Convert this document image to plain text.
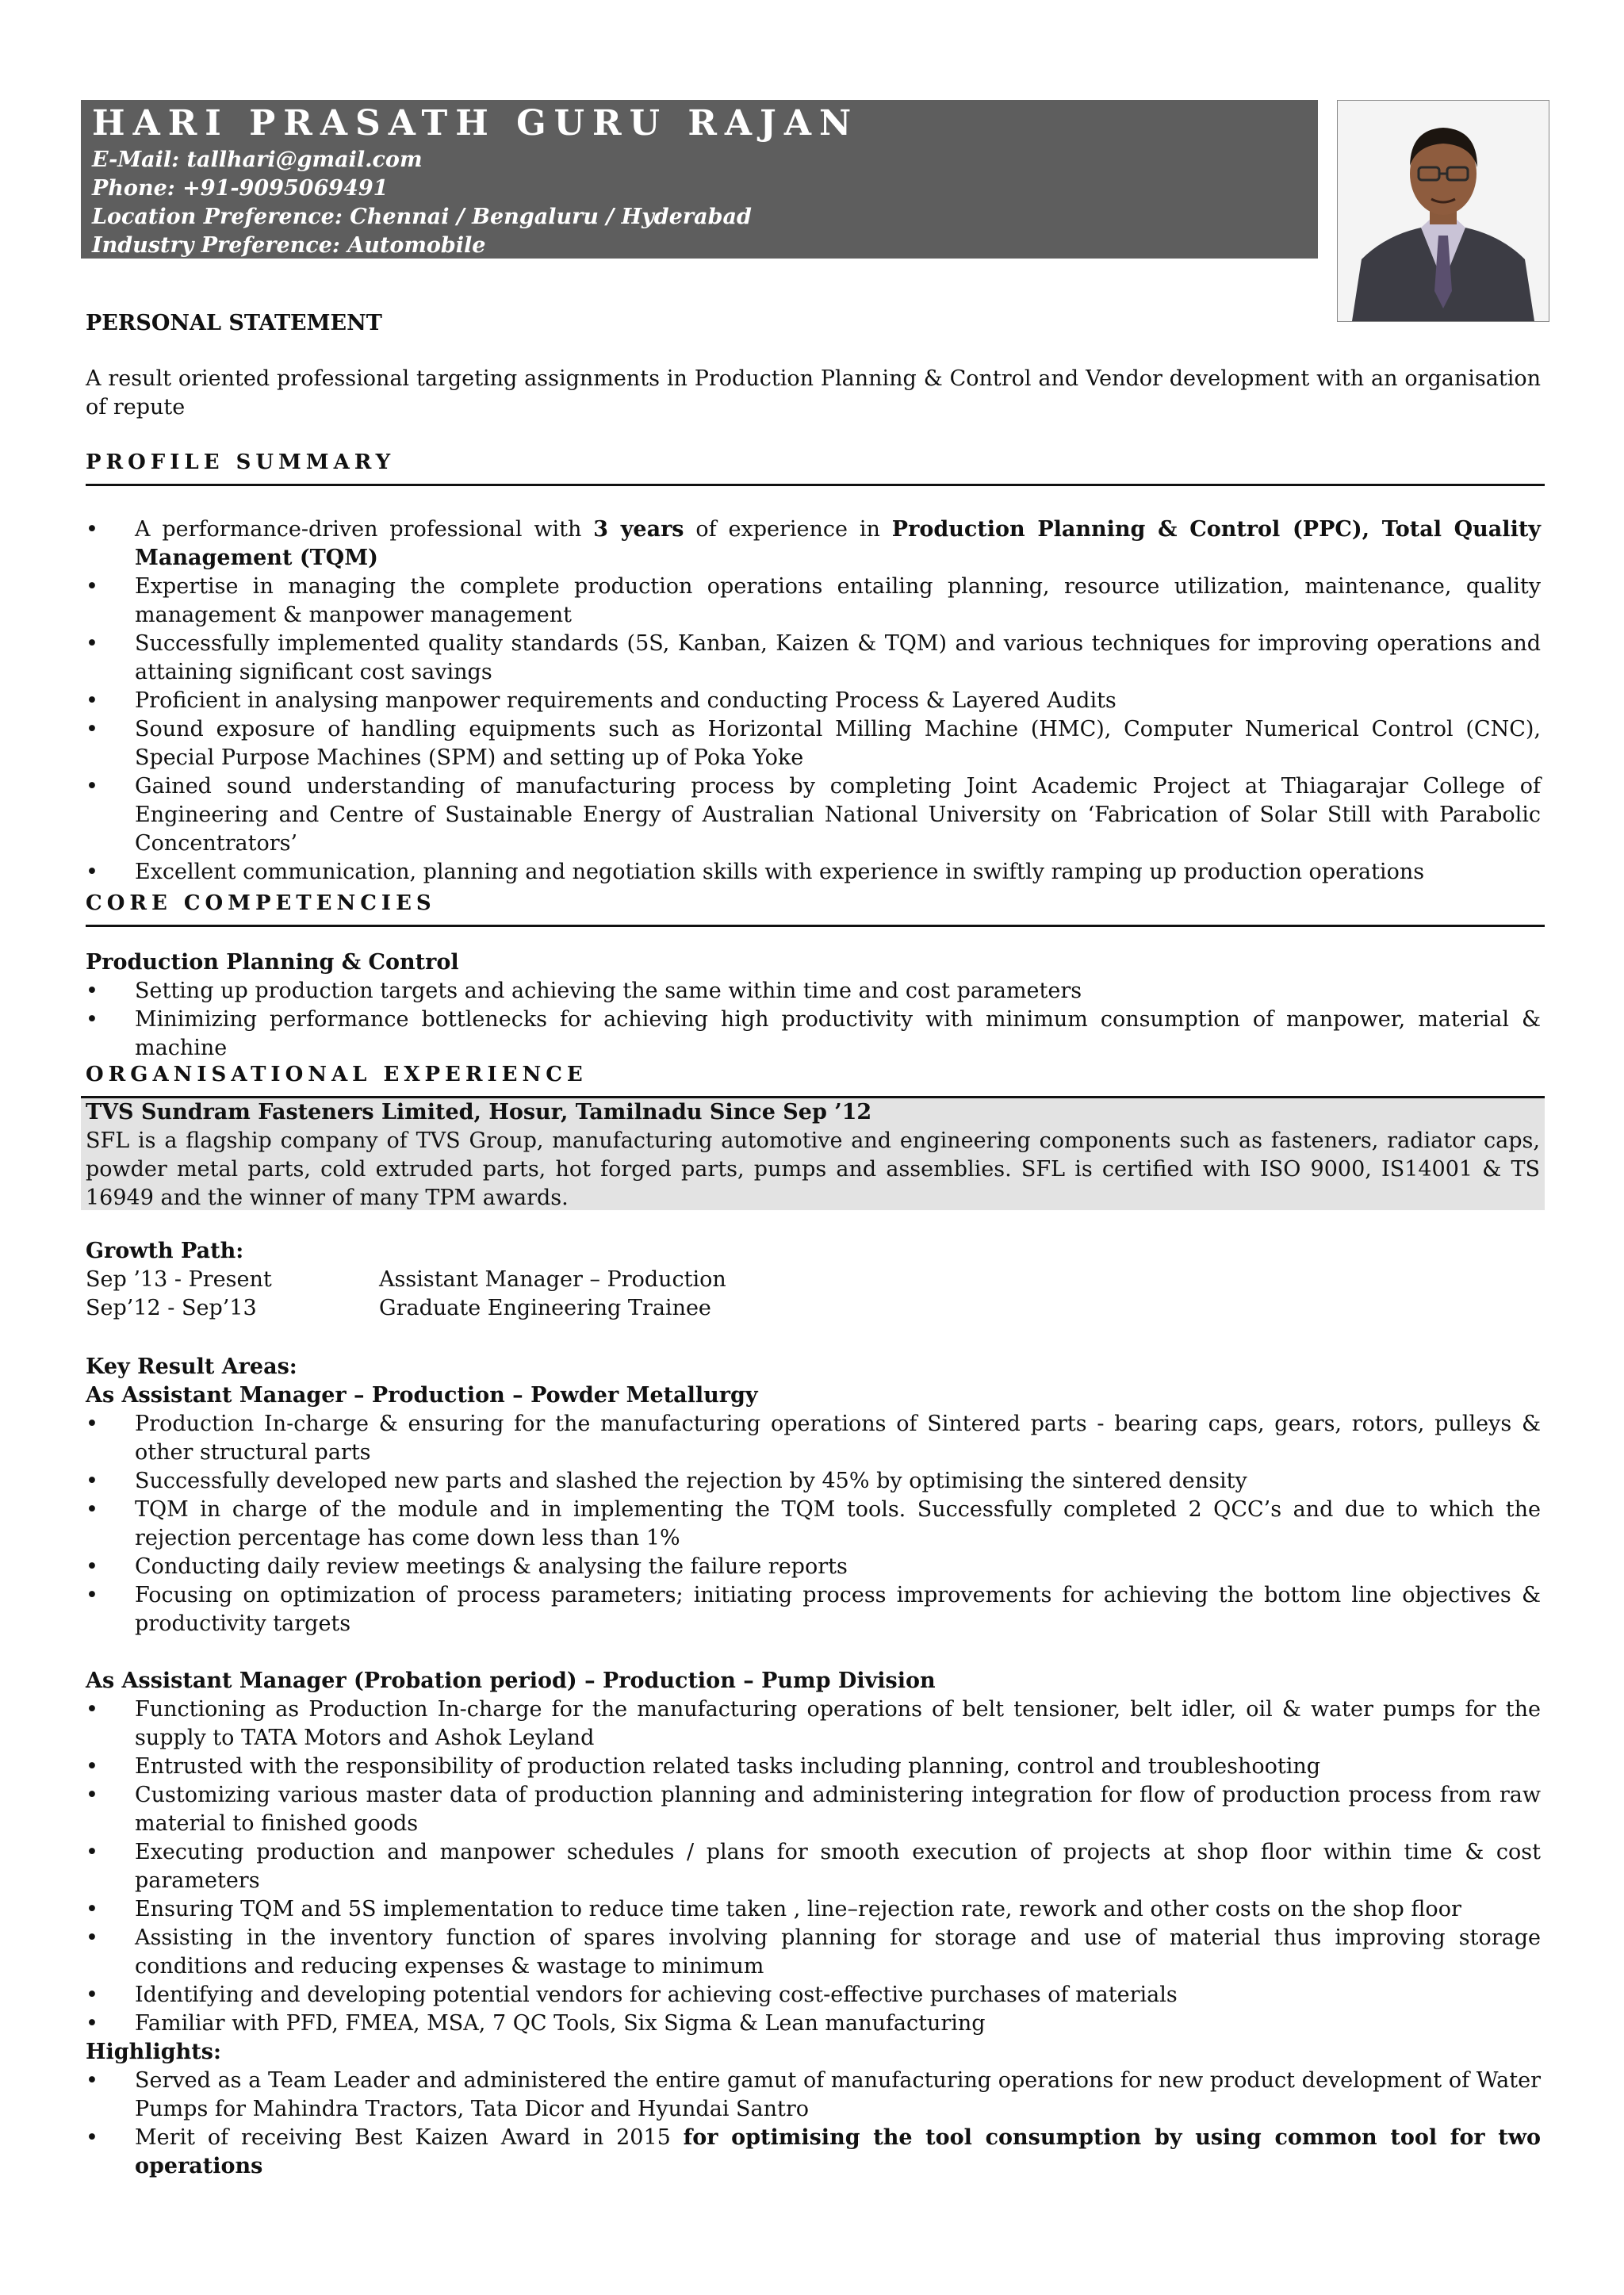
HARI PRASATH GURU RAJAN
E-Mail: tallhari@gmail.com
Phone: +91-9095069491
Location Preference: Chennai / Bengaluru / Hyderabad
Industry Preference: Automobile
PERSONAL STATEMENT
A result oriented professional targeting assignments in Production Planning & Control and Vendor development with an organisation of repute
PROFILE SUMMARY
• A performance-driven professional with 3 years of experience in Production Planning & Control (PPC), Total Quality Management (TQM)
• Expertise in managing the complete production operations entailing planning, resource utilization, maintenance, quality management & manpower management
• Successfully implemented quality standards (5S, Kanban, Kaizen & TQM) and various techniques for improving operations and attaining significant cost savings
• Proficient in analysing manpower requirements and conducting Process & Layered Audits
• Sound exposure of handling equipments such as Horizontal Milling Machine (HMC), Computer Numerical Control (CNC), Special Purpose Machines (SPM) and setting up of Poka Yoke
• Gained sound understanding of manufacturing process by completing Joint Academic Project at Thiagarajar College of Engineering and Centre of Sustainable Energy of Australian National University on ‘Fabrication of Solar Still with Parabolic Concentrators’
• Excellent communication, planning and negotiation skills with experience in swiftly ramping up production operations
CORE COMPETENCIES
Production Planning & Control
• Setting up production targets and achieving the same within time and cost parameters
• Minimizing performance bottlenecks for achieving high productivity with minimum consumption of manpower, material & machine
ORGANISATIONAL EXPERIENCE
TVS Sundram Fasteners Limited, Hosur, Tamilnadu Since Sep ’12
SFL is a flagship company of TVS Group, manufacturing automotive and engineering components such as fasteners, radiator caps, powder metal parts, cold extruded parts, hot forged parts, pumps and assemblies. SFL is certified with ISO 9000, IS14001 & TS 16949 and the winner of many TPM awards.
Growth Path:
Sep ’13 - Present	Assistant Manager – Production
Sep’12 - Sep’13	Graduate Engineering Trainee
Key Result Areas:
As Assistant Manager – Production – Powder Metallurgy
• Production In-charge & ensuring for the manufacturing operations of Sintered parts - bearing caps, gears, rotors, pulleys & other structural parts
• Successfully developed new parts and slashed the rejection by 45% by optimising the sintered density
• TQM in charge of the module and in implementing the TQM tools. Successfully completed 2 QCC’s and due to which the rejection percentage has come down less than 1%
• Conducting daily review meetings & analysing the failure reports
• Focusing on optimization of process parameters; initiating process improvements for achieving the bottom line objectives & productivity targets
As Assistant Manager (Probation period) – Production – Pump Division
• Functioning as Production In-charge for the manufacturing operations of belt tensioner, belt idler, oil & water pumps for the supply to TATA Motors and Ashok Leyland
• Entrusted with the responsibility of production related tasks including planning, control and troubleshooting
• Customizing various master data of production planning and administering integration for flow of production process from raw material to finished goods
• Executing production and manpower schedules / plans for smooth execution of projects at shop floor within time & cost parameters
• Ensuring TQM and 5S implementation to reduce time taken , line–rejection rate, rework and other costs on the shop floor
• Assisting in the inventory function of spares involving planning for storage and use of material thus improving storage conditions and reducing expenses & wastage to minimum
• Identifying and developing potential vendors for achieving cost-effective purchases of materials
• Familiar with PFD, FMEA, MSA, 7 QC Tools, Six Sigma & Lean manufacturing
Highlights:
• Served as a Team Leader and administered the entire gamut of manufacturing operations for new product development of Water Pumps for Mahindra Tractors, Tata Dicor and Hyundai Santro
• Merit of receiving Best Kaizen Award in 2015 for optimising the tool consumption by using common tool for two operations
